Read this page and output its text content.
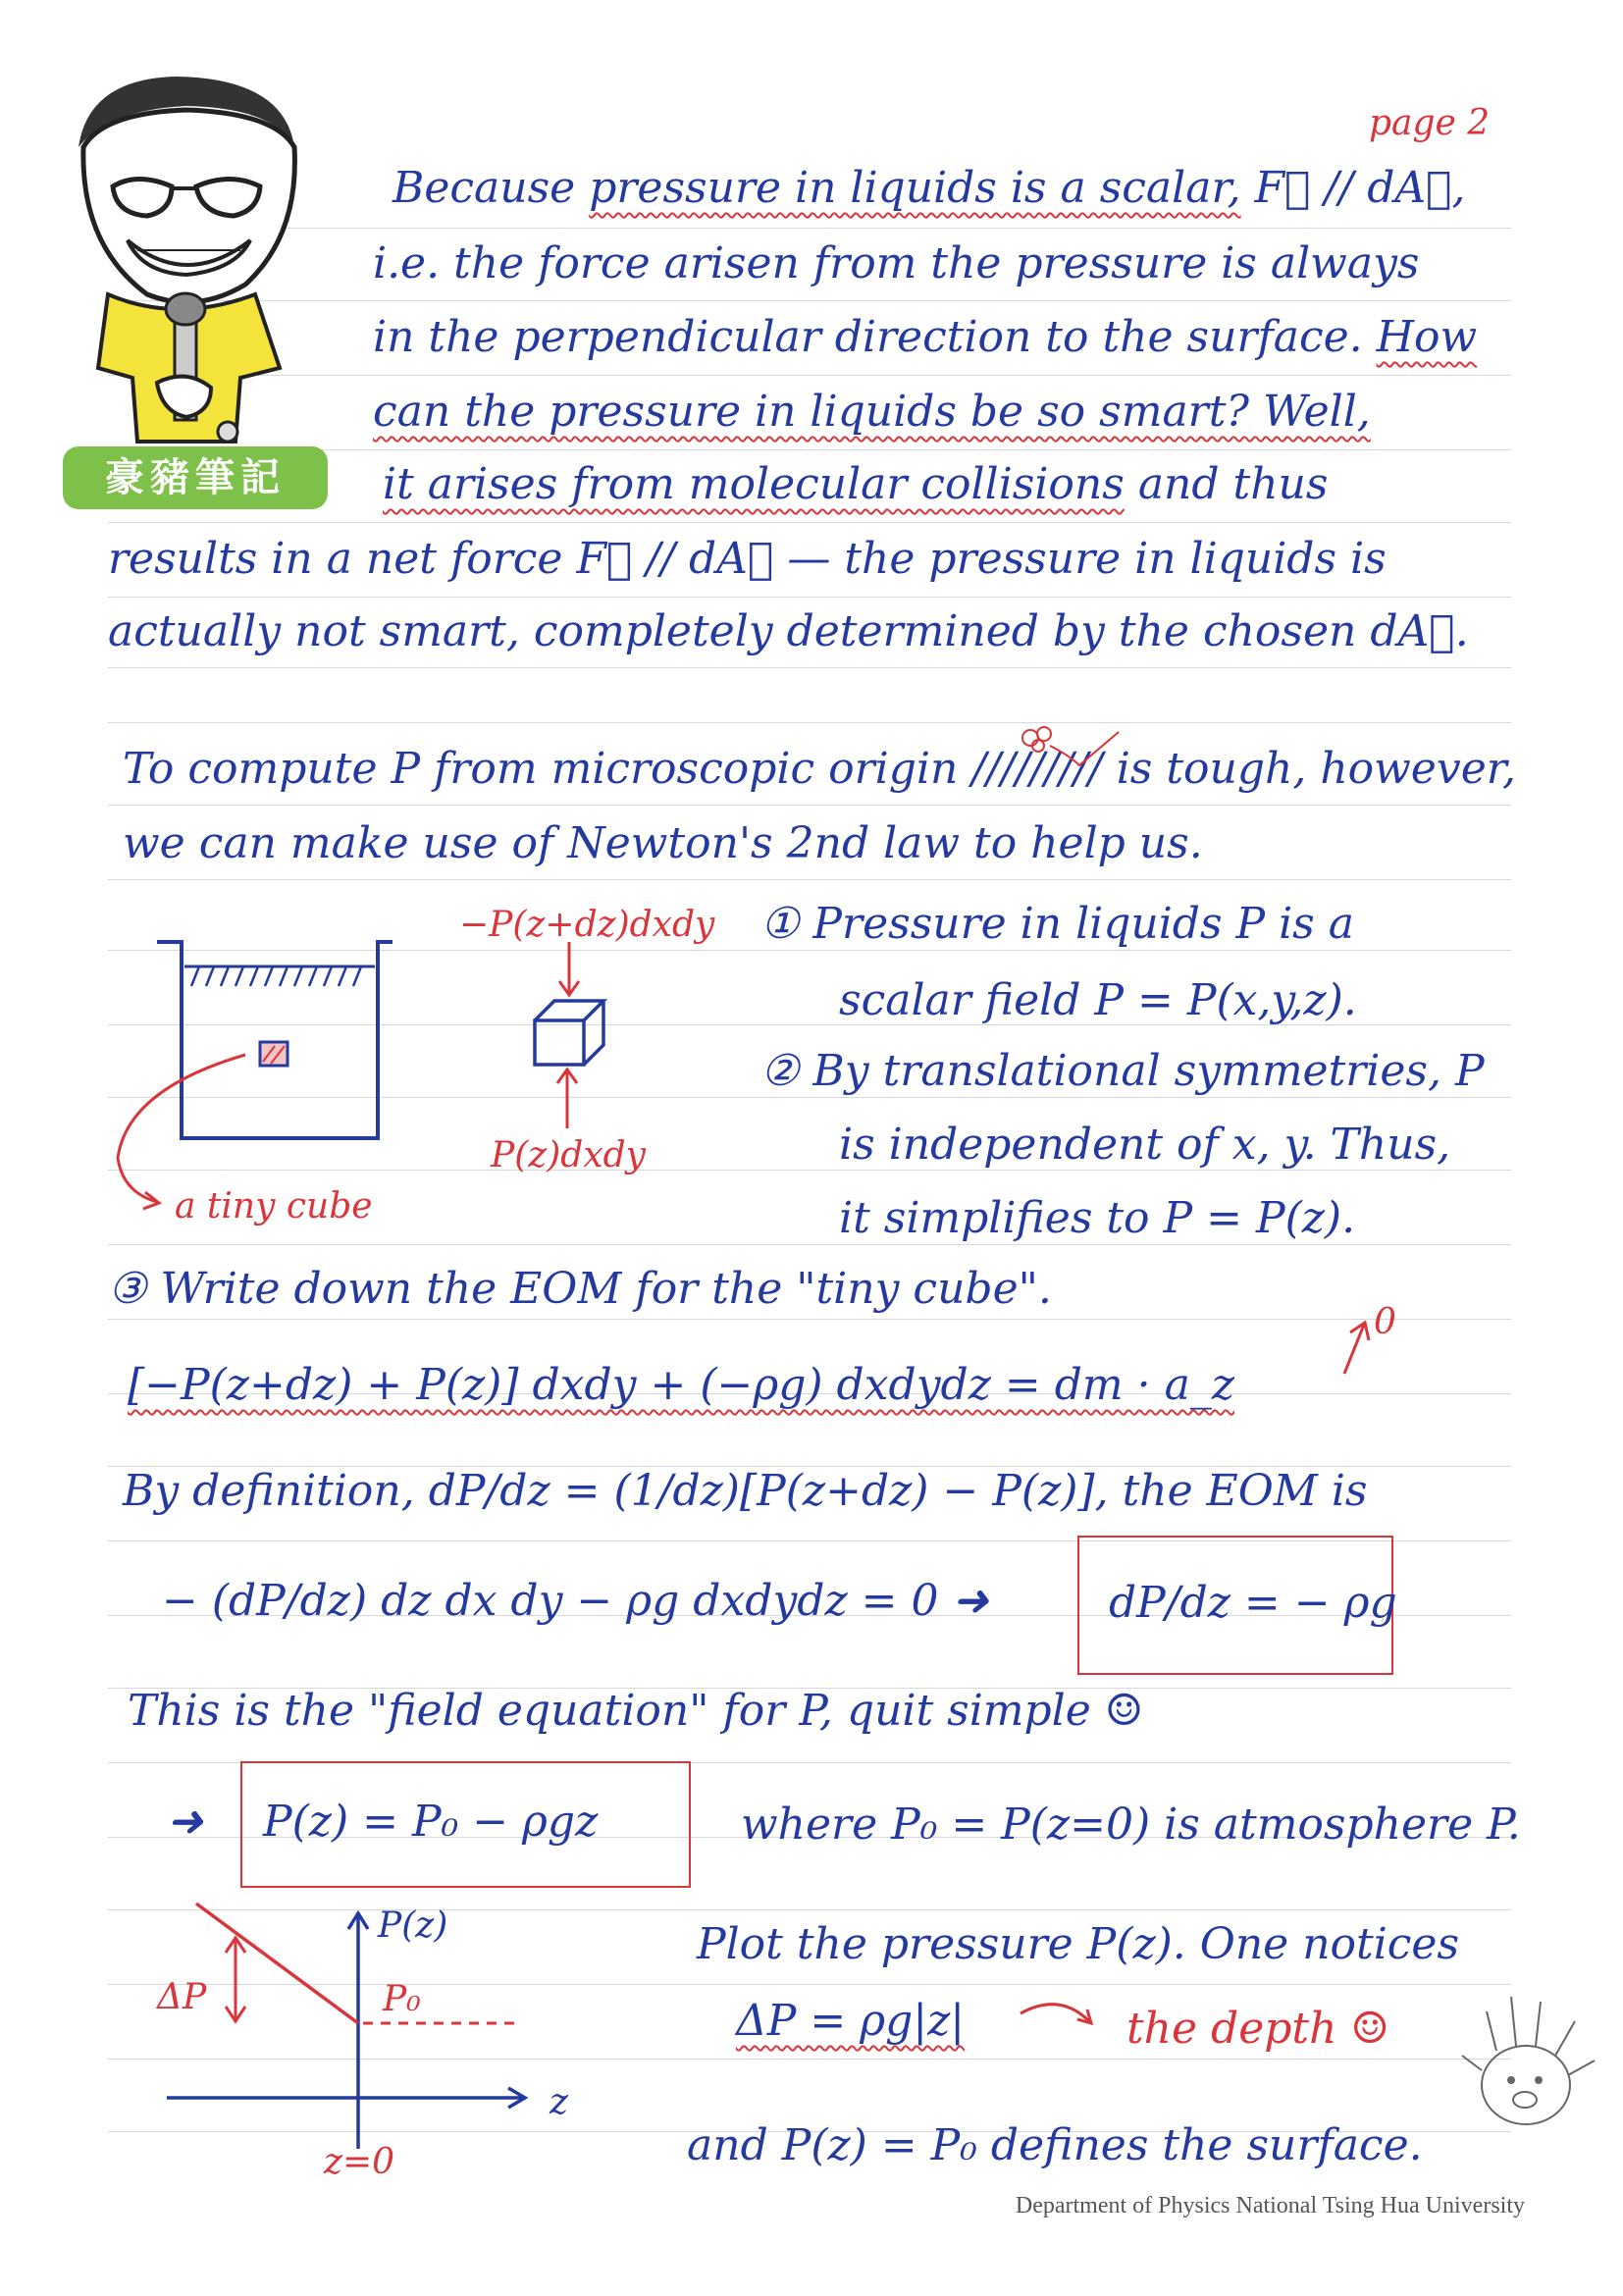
豪豬筆記
page 2
Because pressure in liquids is a scalar, F⃗ // dA⃗,
i.e. the force arisen from the pressure is always
in the perpendicular direction to the surface. How
can the pressure in liquids be so smart? Well,
it arises from molecular collisions and thus
results in a net force F⃗ // dA⃗ — the pressure in liquids is
actually not smart, completely determined by the chosen dA⃗.
To compute P from microscopic origin ///////// is tough, however,
we can make use of Newton's 2nd law to help us.
−P(z+dz)dxdy
P(z)dxdy
a tiny cube
① Pressure in liquids P is a
scalar field P = P(x,y,z).
② By translational symmetries, P
is independent of x, y. Thus,
it simplifies to P = P(z).
③ Write down the EOM for the "tiny cube".
[−P(z+dz) + P(z)] dxdy + (−ρg) dxdydz = dm · a_z
0
By definition, dP/dz = (1/dz)[P(z+dz) − P(z)], the EOM is
− (dP/dz) dz dx dy − ρg dxdydz = 0 ➜	dP/dz = − ρg
This is the "field equation" for P, quit simple ☺
➜ P(z) = P₀ − ρgz	where P₀ = P(z=0) is atmosphere P.
P(z)
P₀
z
ΔP
z=0
Plot the pressure P(z). One notices
ΔP = ρg|z|	the depth ☺
and P(z) = P₀ defines the surface.
Department of Physics National Tsing Hua University
